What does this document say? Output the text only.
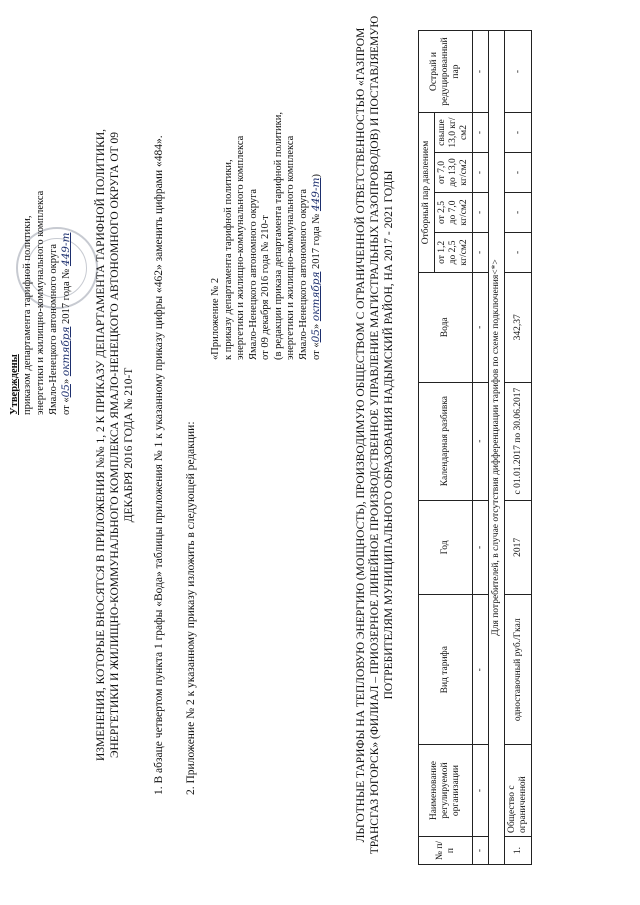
Утверждены приказом департамента тарифной политики, энергетики и жилищно-коммунального комплекса Ямало-Ненецкого автономного округа от «05» октября 2017 года № 449-т ИЗМЕНЕНИЯ, КОТОРЫЕ ВНОСЯТСЯ В ПРИЛОЖЕНИЯ №№ 1, 2 К ПРИКАЗУ ДЕПАРТАМЕНТА ТАРИФНОЙ ПОЛИТИКИ, ЭНЕРГЕТИКИ И ЖИЛИЩНО-КОММУНАЛЬНОГО КОМПЛЕКСА ЯМАЛО-НЕНЕЦКОГО АВТОНОМНОГО ОКРУГА ОТ 09 ДЕКАБРЯ 2016 ГОДА № 210-Т 1. В абзаце четвертом пункта 1 графы «Вода» таблицы приложения № 1 к указанному приказу цифры «462» заменить цифрами «484». 2. Приложение № 2 к указанному приказу изложить в следующей редакции:
«Приложение № 2 к приказу департамента тарифной политики, энергетики и жилищно-коммунального комплекса Ямало-Ненецкого автономного округа от 09 декабря 2016 года № 210-т (в редакции приказа департамента тарифной политики, энергетики и жилищно-коммунального комплекса Ямало-Ненецкого автономного округа от «05» октября 2017 года № 449-т)	ЛЬГОТНЫЕ ТАРИФЫ НА ТЕПЛОВУЮ ЭНЕРГИЮ (МОЩНОСТЬ), ПРОИЗВОДИМУЮ ОБЩЕСТВОМ С ОГРАНИЧЕННОЙ ОТВЕТСТВЕННОСТЬЮ «ГАЗПРОМ ТРАНСГАЗ ЮГОРСК» (ФИЛИАЛ – ПРИОЗЕРНОЕ ЛИНЕЙНОЕ ПРОИЗВОДСТВЕННОЕ УПРАВЛЕНИЕ МАГИСТРАЛЬНЫХ ГАЗОПРОВОДОВ) И ПОСТАВЛЯЕМУЮ ПОТРЕБИТЕЛЯМ МУНИЦИПАЛЬНОГО ОБРАЗОВАНИЯ НАДЫМСКИЙ РАЙОН, НА 2017 - 2021 ГОДЫ
№ п/п	Наименование регулируемой организации	Вид тарифа	Год	Календарная разбивка	Вода	Отборный пар давлением				Острый и редуцированный пар
						от 1,2 до 2,5 кг/см2	от 2,5 до 7,0 кг/см2	от 7,0 до 13,0 кг/см2	свыше 13,0 кг/см2	
-	-	-	-	-	-	-	-	-	-	-
Для потребителей, в случае отсутствия дифференциации тарифов по схеме подключения<*>										
1.	Общество с ограниченной	одноставочный руб./Гкал	2017	с 01.01.2017 по 30.06.2017	342,37	-	-	-	-	-
